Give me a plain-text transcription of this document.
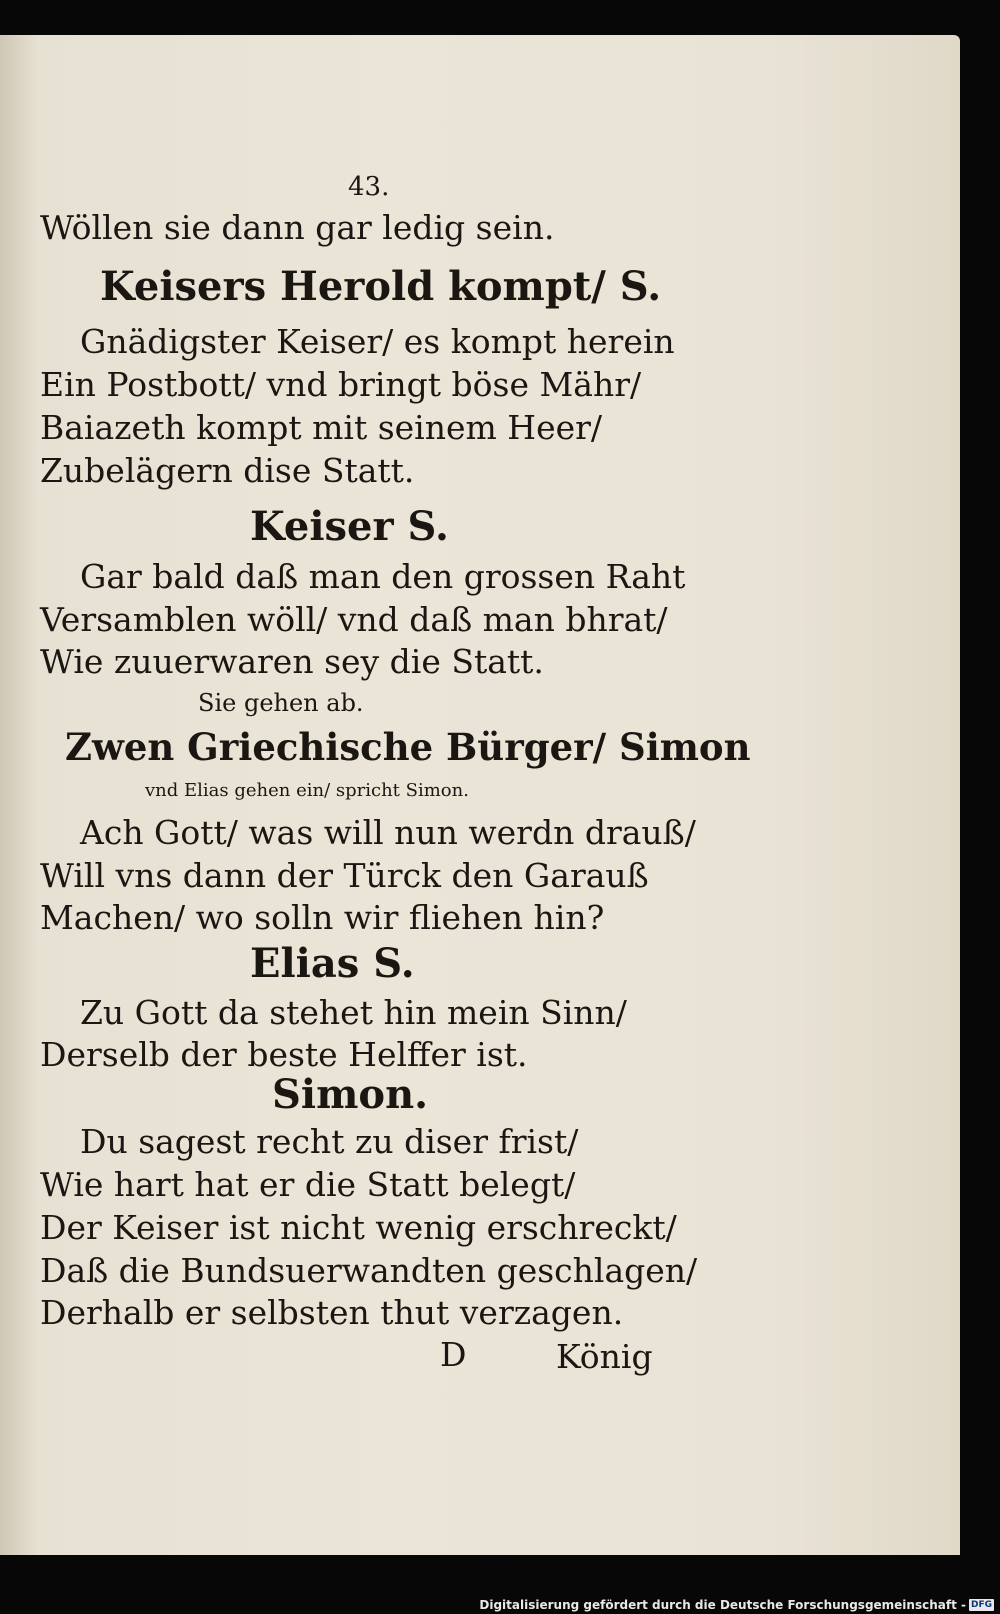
43.
Wöllen sie dann gar ledig sein.
Keisers Herold kompt/ S.
Gnädigster Keiser/ es kompt herein
Ein Postbott/ vnd bringt böse Mähr/
Baiazeth kompt mit seinem Heer/
Zubelägern dise Statt.
Keiser S.
Gar bald daß man den grossen Raht
Versamblen wöll/ vnd daß man bhrat/
Wie zuuerwaren sey die Statt.
Sie gehen ab.
Zwen Griechische Bürger/ Simon
vnd Elias gehen ein/ spricht Simon.
Ach Gott/ was will nun werdn drauß/
Will vns dann der Türck den Garauß
Machen/ wo solln wir fliehen hin?
Elias S.
Zu Gott da stehet hin mein Sinn/
Derselb der beste Helffer ist.
Simon.
Du sagest recht zu diser frist/
Wie hart hat er die Statt belegt/
Der Keiser ist nicht wenig erschreckt/
Daß die Bundsuerwandten geschlagen/
Derhalb er selbsten thut verzagen.
D	König
Digitalisierung gefördert durch die Deutsche Forschungsgemeinschaft - DFG
